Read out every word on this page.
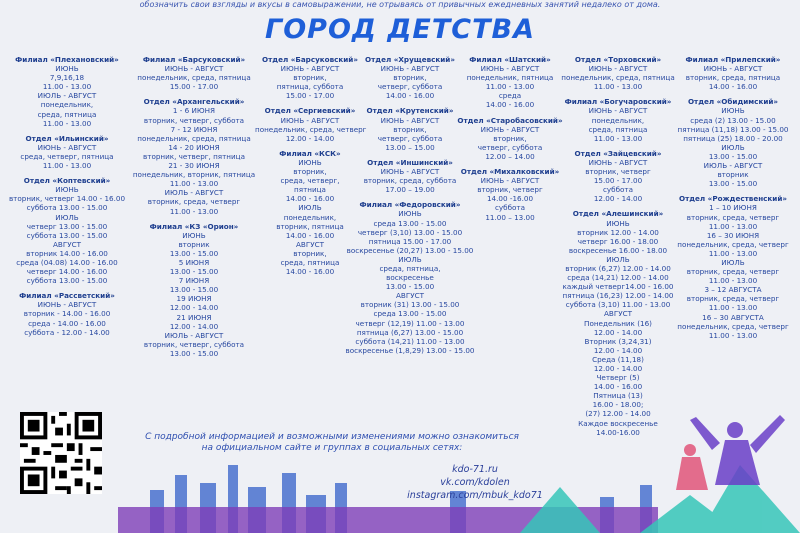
обозначить свои взгляды и вкусы в самовыражении, не отрываясь от привычных ежедневных занятий недалеко от дома.
ГОРОД ДЕТСТВА
Филиал «Плехановский»
ИЮНЬ
7,9,16,18
11.00 - 13.00
ИЮЛЬ - АВГУСТ
понедельник,
среда, пятница
11.00 - 13.00
Отдел «Ильинский»
ИЮНЬ - АВГУСТ
среда, четверг, пятница
11.00 - 13.00
Отдел «Коптевский»
ИЮНЬ
вторник, четверг 14.00 - 16.00
суббота 13.00 - 15.00
ИЮЛЬ
четверг 13.00 - 15.00
суббота 13.00 - 15.00
АВГУСТ
вторник 14.00 - 16.00
среда (04.08) 14.00 - 16.00
четверг 14.00 - 16.00
суббота 13.00 - 15.00
Филиал «Рассветский»
ИЮНЬ - АВГУСТ
вторник - 14.00 - 16.00
среда - 14.00 - 16.00
суббота - 12.00 - 14.00
Филиал «Барсуковский»
ИЮНЬ - АВГУСТ
понедельник, среда, пятница
15.00 - 17.00
Отдел «Архангельский»
1 - 6 ИЮНЯ
вторник, четверг, суббота
7 - 12 ИЮНЯ
понедельник, среда, пятница
14 - 20 ИЮНЯ
вторник, четверг, пятница
21 - 30 ИЮНЯ
понедельник, вторник, пятница
11.00 - 13.00
ИЮЛЬ - АВГУСТ
вторник, среда, четверг
11.00 - 13.00
Филиал «КЗ «Орион»
ИЮНЬ
вторник
13.00 - 15.00
5 ИЮНЯ
13.00 - 15.00
7 ИЮНЯ
13.00 - 15.00
19 ИЮНЯ
12.00 - 14.00
21 ИЮНЯ
12.00 - 14.00
ИЮЛЬ - АВГУСТ
вторник, четверг, суббота
13.00 - 15.00
Отдел «Барсуковский»
ИЮНЬ - АВГУСТ
вторник,
пятница, суббота
15.00 - 17.00
Отдел «Сергиевский»
ИЮНЬ - АВГУСТ
понедельник, среда, четверг
12.00 - 14.00
Филиал «КСК»
ИЮНЬ
вторник,
среда, четверг,
пятница
14.00 - 16.00
ИЮЛЬ
понедельник,
вторник, пятница
14.00 - 16.00
АВГУСТ
вторник,
среда, пятница
14.00 - 16.00
Отдел «Хрущевский»
ИЮНЬ - АВГУСТ
вторник,
четверг, суббота
14.00 - 16.00
Отдел «Крутенский»
ИЮНЬ - АВГУСТ
вторник,
четверг, суббота
13.00 – 15.00
Отдел «Иншинский»
ИЮНЬ - АВГУСТ
вторник, среда, суббота
17.00 – 19.00
Филиал «Федоровский»
ИЮНЬ
среда 13.00 - 15.00
четверг (3,10) 13.00 - 15.00
пятница 15.00 - 17.00
воскресенье (20,27) 13.00 - 15.00
ИЮЛЬ
среда, пятница,
воскресенье
13.00 - 15.00
АВГУСТ
вторник (31) 13.00 - 15.00
среда 13.00 - 15.00
четверг (12,19) 11.00 - 13.00
пятница (6,27) 13.00 - 15.00
суббота (14,21) 11.00 - 13.00
воскресенье (1,8,29) 13.00 - 15.00
Филиал «Шатский»
ИЮНЬ - АВГУСТ
понедельник, пятница
11.00 - 13.00
среда
14.00 - 16.00
Отдел «Старобасовский»
ИЮНЬ - АВГУСТ
вторник,
четверг, суббота
12.00 – 14.00
Отдел «Михалковский»
ИЮНЬ - АВГУСТ
вторник, четверг
14.00 -16.00
суббота
11.00 – 13.00
Отдел «Торховский»
ИЮНЬ - АВГУСТ
понедельник, среда, пятница
11.00 - 13.00
Филиал «Богучаровский»
ИЮНЬ - АВГУСТ
понедельник,
среда, пятница
11.00 - 13.00
Отдел «Зайцевский»
ИЮНЬ - АВГУСТ
вторник, четверг
15.00 - 17.00
суббота
12.00 - 14.00
Отдел «Алешинский»
ИЮНЬ
вторник 12.00 - 14.00
четверг 16.00 - 18.00
воскресенье 16.00 - 18.00
ИЮЛЬ
вторник (6,27) 12.00 - 14.00
среда (14,21) 12.00 - 14.00
каждый четверг14.00 - 16.00
пятница (16,23) 12.00 - 14.00
суббота (3,10) 11.00 - 13.00
АВГУСТ
Понедельник (16)
12.00 - 14.00
Вторник (3,24,31)
12.00 - 14.00
Среда (11,18)
12.00 - 14.00
Четверг (5)
14.00 - 16.00
Пятница (13)
16.00 - 18.00;
(27) 12.00 - 14.00
Каждое воскресенье
14.00-16.00
Филиал «Прилепский»
ИЮНЬ - АВГУСТ
вторник, среда, пятница
14.00 - 16.00
Отдел «Обидимский»
ИЮНЬ
среда (2) 13.00 - 15.00
пятница (11,18) 13.00 - 15.00
пятница (25) 18.00 - 20.00
ИЮЛЬ
13.00 - 15.00
ИЮЛЬ - АВГУСТ
вторник
13.00 - 15.00
Отдел «Рождественский»
1 – 10 ИЮНЯ
вторник, среда, четверг
11.00 - 13.00
16 – 30 ИЮНЯ
понедельник, среда, четверг
11.00 - 13.00
ИЮЛЬ
вторник, среда, четверг
11.00 - 13.00
3 – 12 АВГУСТА
вторник, среда, четверг
11.00 - 13.00
16 – 30 АВГУСТА
понедельник, среда, четверг
11.00 - 13.00
С подробной информацией и возможными изменениями можно ознакомиться
на официальном сайте и группах в социальных сетях:
kdo-71.ru
vk.com/kdolen
instagram.com/mbuk_kdo71
